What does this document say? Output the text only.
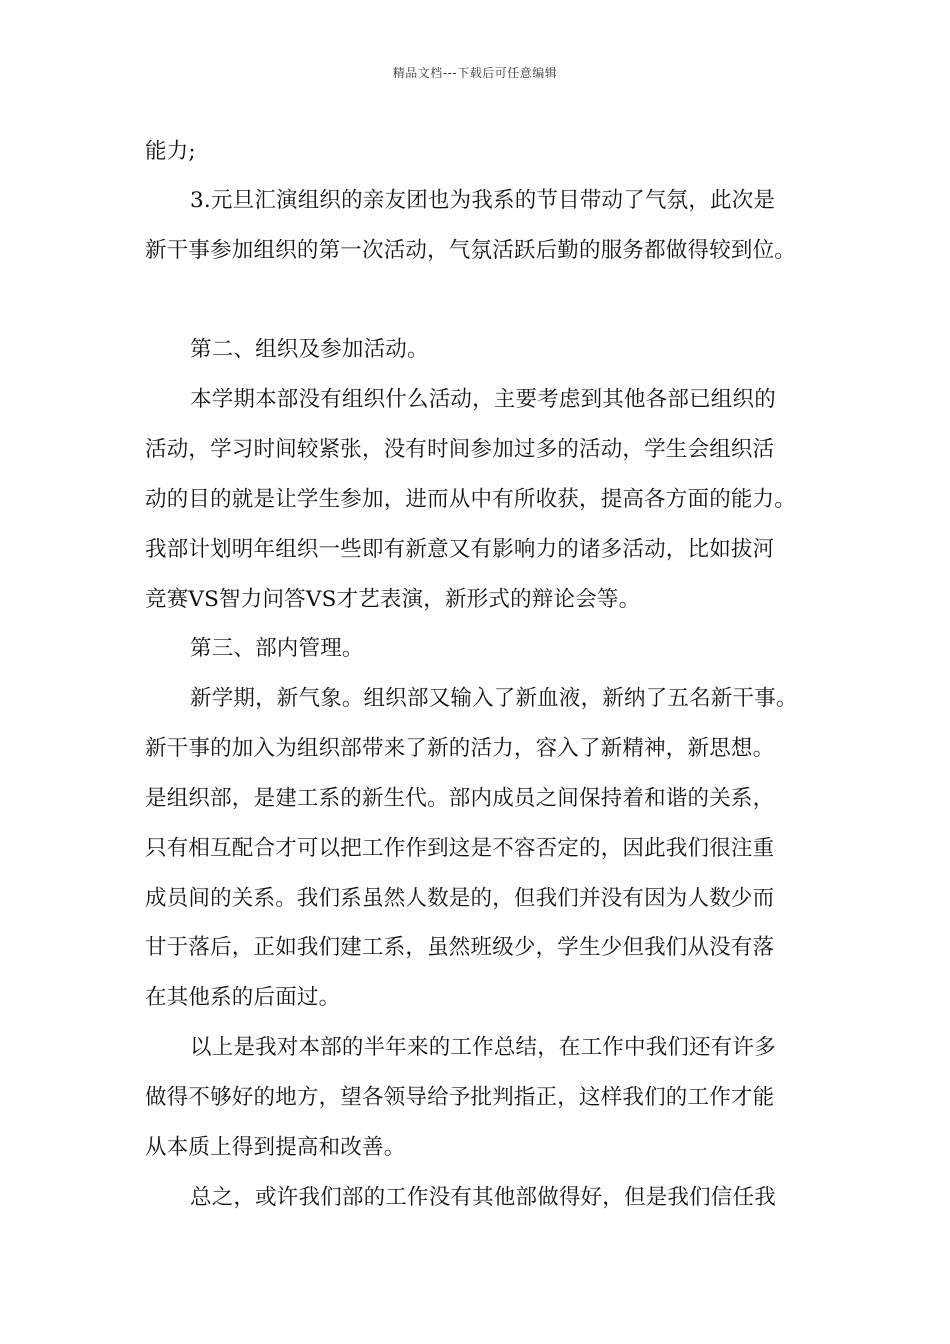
精品文档---下载后可任意编辑
能力;
3.元旦汇演组织的亲友团也为我系的节目带动了气氛，此次是
新干事参加组织的第一次活动，气氛活跃后勤的服务都做得较到位。
第二、组织及参加活动。
本学期本部没有组织什么活动，主要考虑到其他各部已组织的
活动，学习时间较紧张，没有时间参加过多的活动，学生会组织活
动的目的就是让学生参加，进而从中有所收获，提高各方面的能力。
我部计划明年组织一些即有新意又有影响力的诸多活动，比如拔河
竞赛VS智力问答VS才艺表演，新形式的辩论会等。
第三、部内管理。
新学期，新气象。组织部又输入了新血液，新纳了五名新干事。
新干事的加入为组织部带来了新的活力，容入了新精神，新思想。
是组织部，是建工系的新生代。部内成员之间保持着和谐的关系，
只有相互配合才可以把工作作到这是不容否定的，因此我们很注重
成员间的关系。我们系虽然人数是的，但我们并没有因为人数少而
甘于落后，正如我们建工系，虽然班级少，学生少但我们从没有落
在其他系的后面过。
以上是我对本部的半年来的工作总结，在工作中我们还有许多
做得不够好的地方，望各领导给予批判指正，这样我们的工作才能
从本质上得到提高和改善。
总之，或许我们部的工作没有其他部做得好，但是我们信任我
